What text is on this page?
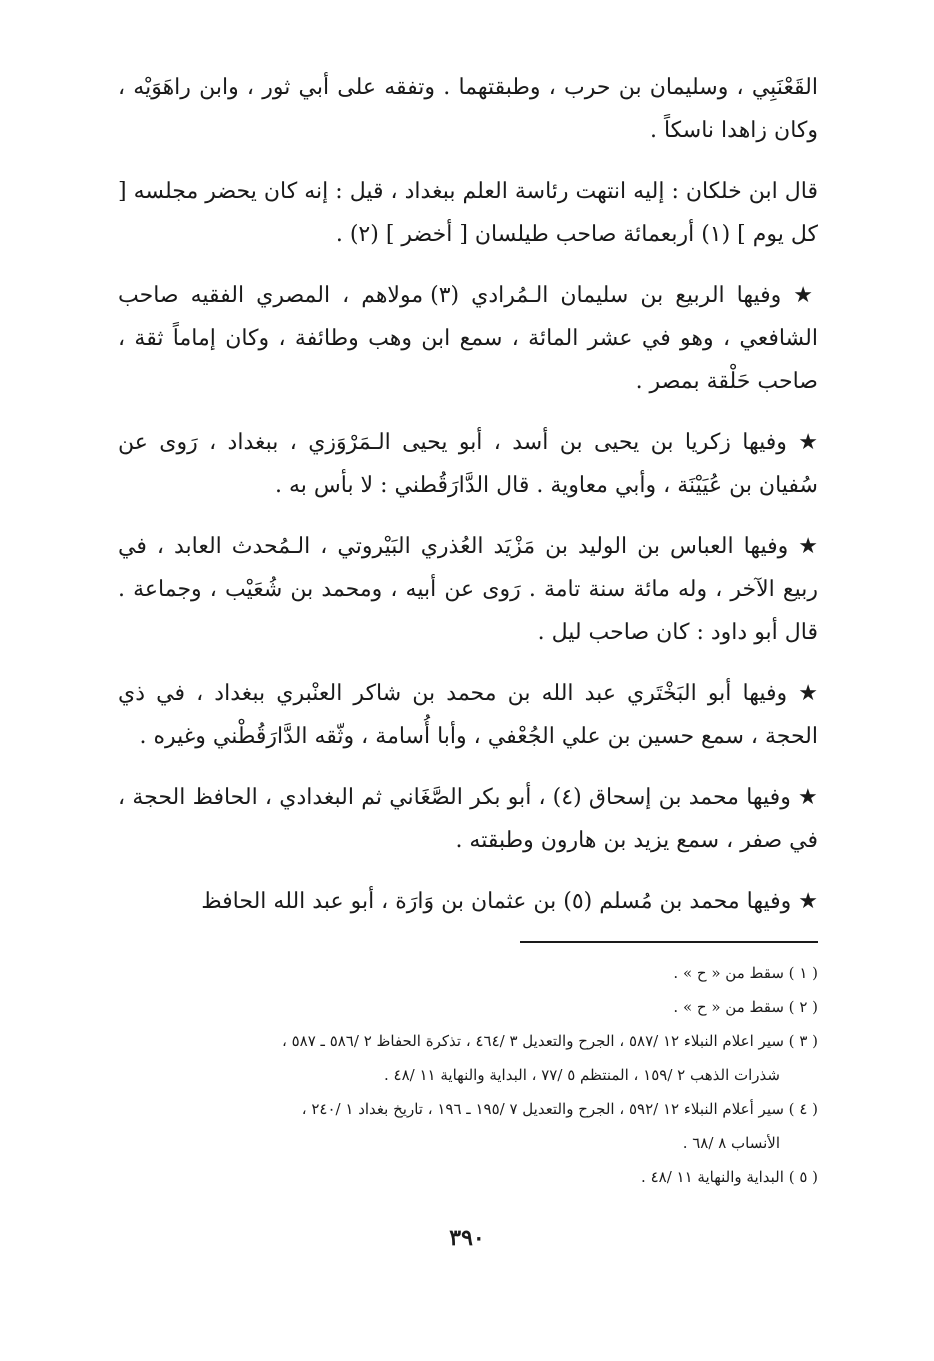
القَعْنَبِي ، وسليمان بن حرب ، وطبقتهما . وتفقه على أبي ثور ، وابن راهَوَيْه ، وكان زاهدا ناسكاً .

قال ابن خلكان : إليه انتهت رئاسة العلم ببغداد ، قيل : إنه كان يحضر مجلسه [ كل يوم ] (١) أربعمائة صاحب طيلسان [ أخضر ] (٢) .

★ وفيها الربيع بن سليمان الـمُرادي (٣) مولاهم ، المصري الفقيه صاحب الشافعي ، وهو في عشر المائة ، سمع ابن وهب وطائفة ، وكان إماماً ثقة ، صاحب حَلْقة بمصر .

★ وفيها زكريا بن يحيى بن أسد ، أبو يحيى الـمَرْوَزي ، ببغداد ، رَوى عن سُفيان بن عُيَيْنَة ، وأبي معاوية . قال الدَّارَقُطني : لا بأس به .

★ وفيها العباس بن الوليد بن مَزْيَد العُذري البَيْروتي ، الـمُحدث العابد ، في ربيع الآخر ، وله مائة سنة تامة . رَوى عن أبيه ، ومحمد بن شُعَيْب ، وجماعة . قال أبو داود : كان صاحب ليل .

★ وفيها أبو البَخْتَري عبد الله بن محمد بن شاكر العنْبري ببغداد ، في ذي الحجة ، سمع حسين بن علي الجُعْفي ، وأبا أُسامة ، وثّقه الدَّارَقُطْني وغيره .

★ وفيها محمد بن إسحاق (٤) ، أبو بكر الصَّغَاني ثم البغدادي ، الحافظ الحجة ، في صفر ، سمع يزيد بن هارون وطبقته .

★ وفيها محمد بن مُسلم (٥) بن عثمان بن وَارَة ، أبو عبد الله الحافظ

( ١ ) سقط من « ح » .

( ٢ ) سقط من « ح » .

( ٣ ) سير اعلام النبلاء ١٢ /٥٨٧ ، الجرح والتعديل ٣ /٤٦٤ ، تذكرة الحفاظ ٢ /٥٨٦ ـ ٥٨٧ ،

شذرات الذهب ٢ /١٥٩ ، المنتظم ٥ /٧٧ ، البداية والنهاية ١١ /٤٨ .

( ٤ ) سير أعلام النبلاء ١٢ /٥٩٢ ، الجرح والتعديل ٧ /١٩٥ ـ ١٩٦ ، تاريخ بغداد ١ /٢٤٠ ،

الأنساب ٨ /٦٨ .

( ٥ ) البداية والنهاية ١١ /٤٨ .

٣٩٠
